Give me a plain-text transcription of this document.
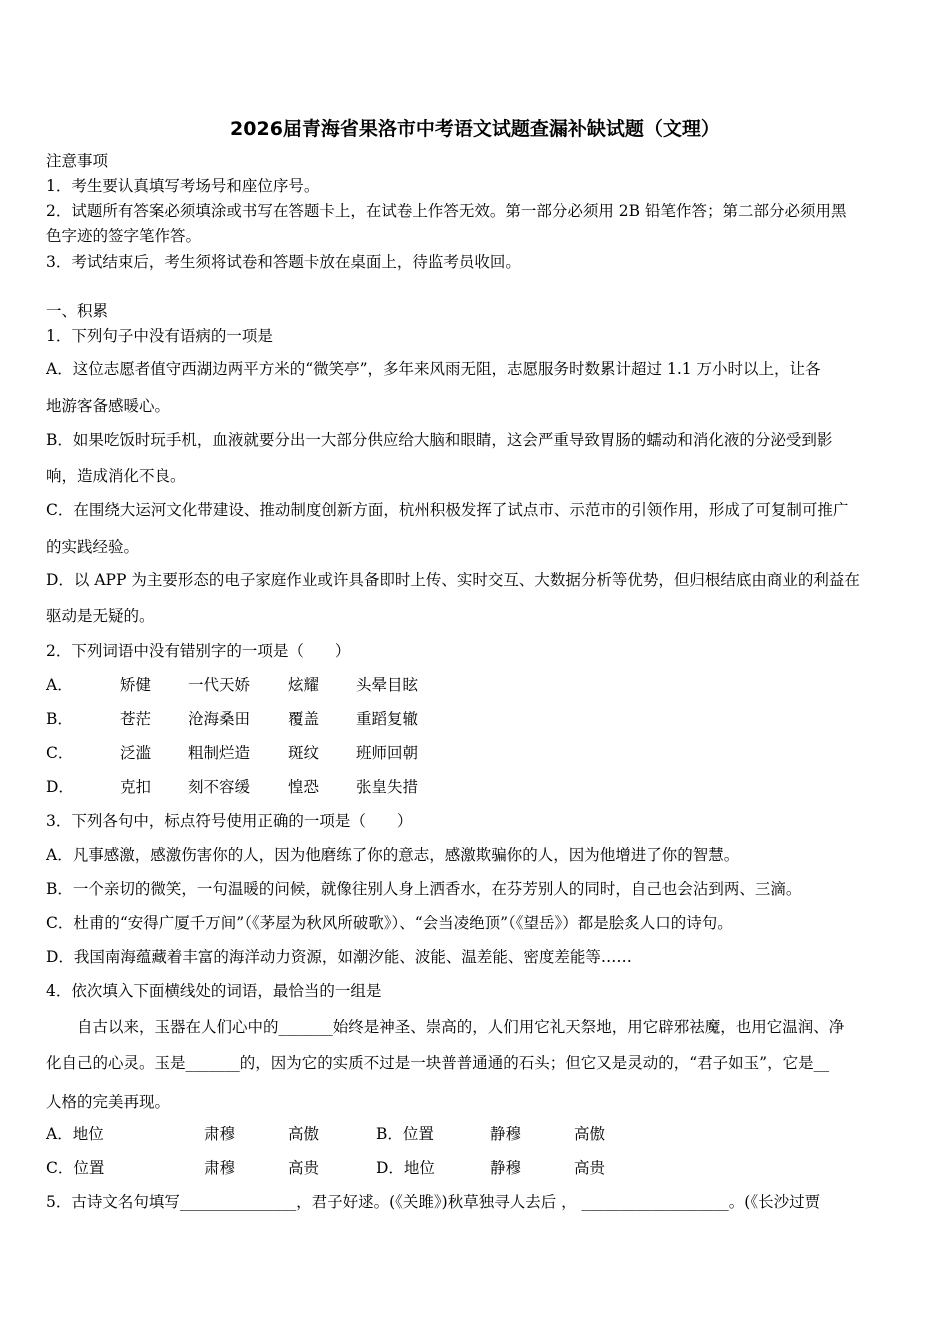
2026届青海省果洛市中考语文试题查漏补缺试题（文理）
注意事项
1．考生要认真填写考场号和座位序号。
2．试题所有答案必须填涂或书写在答题卡上，在试卷上作答无效。第一部分必须用 2B 铅笔作答；第二部分必须用黑
色字迹的签字笔作答。
3．考试结束后，考生须将试卷和答题卡放在桌面上，待监考员收回。
一、积累
1．下列句子中没有语病的一项是
A．这位志愿者值守西湖边两平方米的“微笑亭”，多年来风雨无阻，志愿服务时数累计超过 1.1 万小时以上，让各
地游客备感暖心。
B．如果吃饭时玩手机，血液就要分出一大部分供应给大脑和眼睛，这会严重导致胃肠的蠕动和消化液的分泌受到影
响，造成消化不良。
C．在围绕大运河文化带建设、推动制度创新方面，杭州积极发挥了试点市、示范市的引领作用，形成了可复制可推广
的实践经验。
D．以 APP 为主要形态的电子家庭作业或许具备即时上传、实时交互、大数据分析等优势，但归根结底由商业的利益在
驱动是无疑的。
2．下列词语中没有错别字的一项是（　　）
A．	矫健 一代天娇 炫耀 头晕目眩
B．	苍茫 沧海桑田 覆盖 重蹈复辙
C．	泛滥 粗制烂造 斑纹 班师回朝
D．	克扣 刻不容缓 惶恐 张皇失措
3．下列各句中，标点符号使用正确的一项是（　　）
A．凡事感激，感激伤害你的人，因为他磨练了你的意志，感激欺骗你的人，因为他增进了你的智慧。
B．一个亲切的微笑，一句温暖的问候，就像往别人身上洒香水，在芬芳别人的同时，自己也会沾到两、三滴。
C．杜甫的“安得广厦千万间”（《茅屋为秋风所破歌》）、“会当凌绝顶”（《望岳》）都是脍炙人口的诗句。
D．我国南海蕴藏着丰富的海洋动力资源，如潮汐能、波能、温差能、密度差能等……
4．依次填入下面横线处的词语，最恰当的一组是
　　自古以来，玉器在人们心中的_______始终是神圣、崇高的，人们用它礼天祭地，用它辟邪祛魔，也用它温润、净
化自己的心灵。玉是_______的，因为它的实质不过是一块普普通通的石头；但它又是灵动的，“君子如玉”，它是__
人格的完美再现。
A．地位	肃穆	高傲	B．位置	静穆	高傲
C．位置	肃穆	高贵	D．地位	静穆	高贵
5．古诗文名句填写_______________，君子好逑。(《关雎》)秋草独寻人去后 ， ___________________。(《长沙过贾
